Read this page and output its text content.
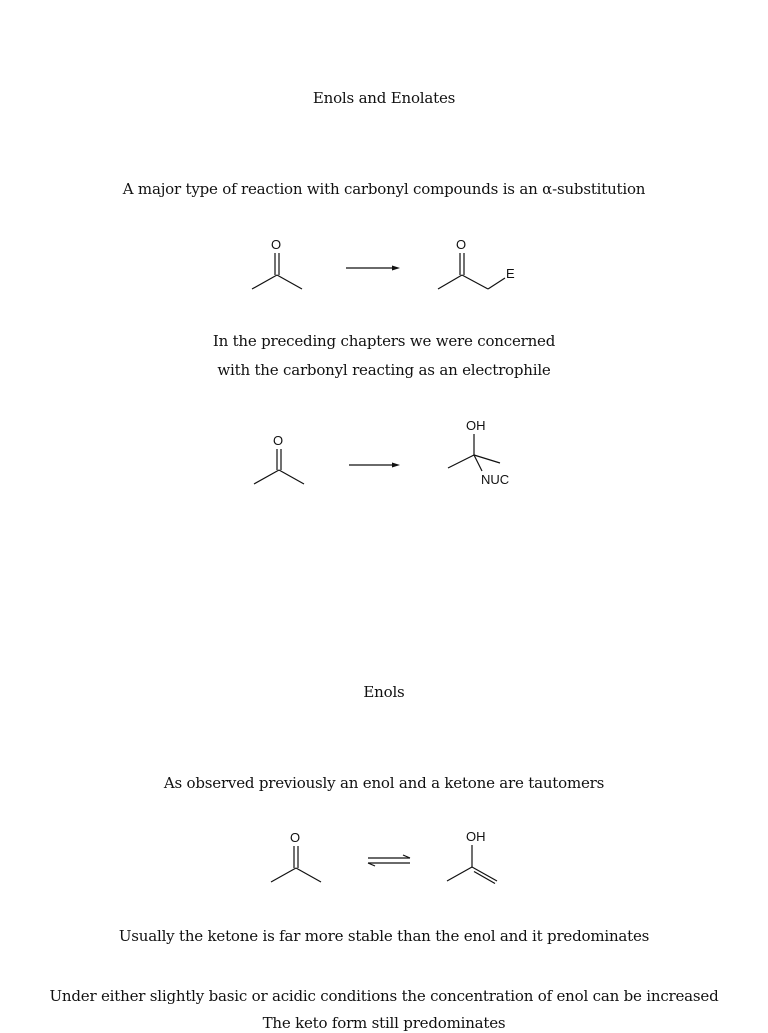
Enols and Enolates
A major type of reaction with carbonyl compounds is an α-substitution
O	O
E
In the preceding chapters we were concerned
with the carbonyl reacting as an electrophile
O
OH
NUC
Enols
As observed previously an enol and a ketone are tautomers
O	OH
Usually the ketone is far more stable than the enol and it predominates
Under either slightly basic or acidic conditions the concentration of enol can be increased
The keto form still predominates
